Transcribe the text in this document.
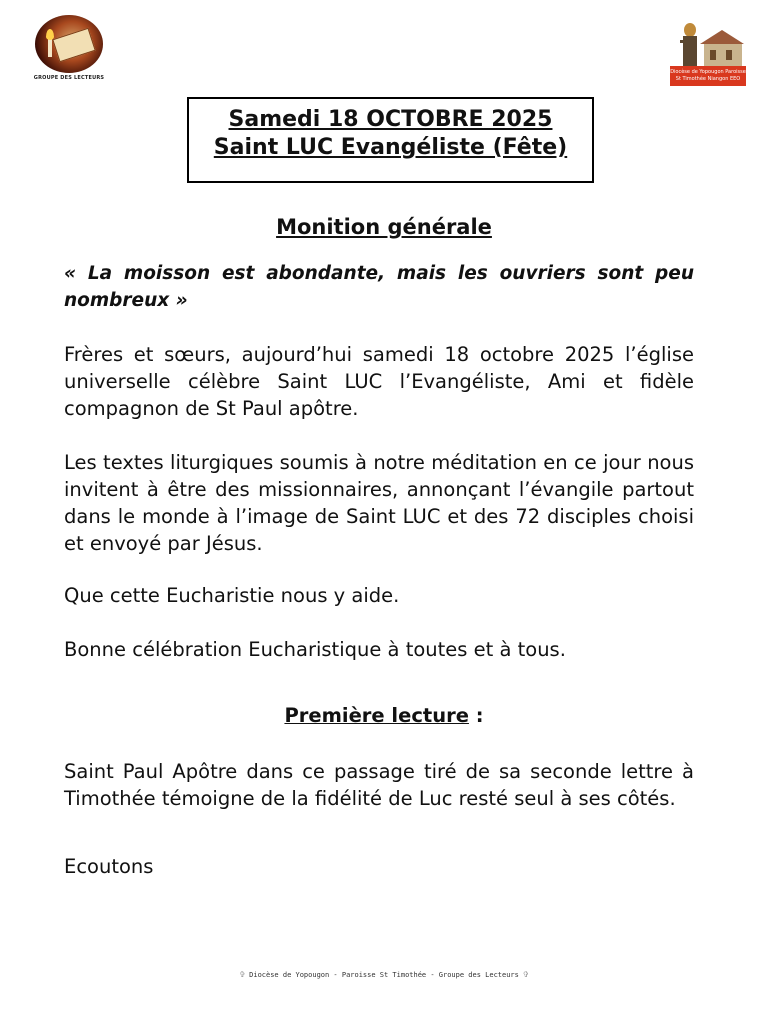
GROUPE DES LECTEURS
Diocèse de Yopougon Paroisse St Timothée Niangon EEO
Samedi 18 OCTOBRE 2025
Saint LUC Evangéliste (Fête)
Monition générale
« La moisson est abondante, mais les ouvriers sont peu nombreux »
Frères et sœurs, aujourd’hui samedi 18 octobre 2025 l’église universelle célèbre Saint LUC l’Evangéliste, Ami et fidèle compagnon de St Paul apôtre.
Les textes liturgiques soumis à notre méditation en ce jour nous invitent à être des missionnaires, annonçant l’évangile partout dans le monde à l’image de Saint LUC et des 72 disciples choisi et envoyé par Jésus.
Que cette Eucharistie nous y aide.
Bonne célébration Eucharistique à toutes et à tous.
Première lecture :
Saint Paul Apôtre dans ce passage tiré de sa seconde lettre à Timothée témoigne de la fidélité de Luc resté seul à ses côtés.
Ecoutons
✞ Diocèse de Yopougon - Paroisse St Timothée - Groupe des Lecteurs ✞
